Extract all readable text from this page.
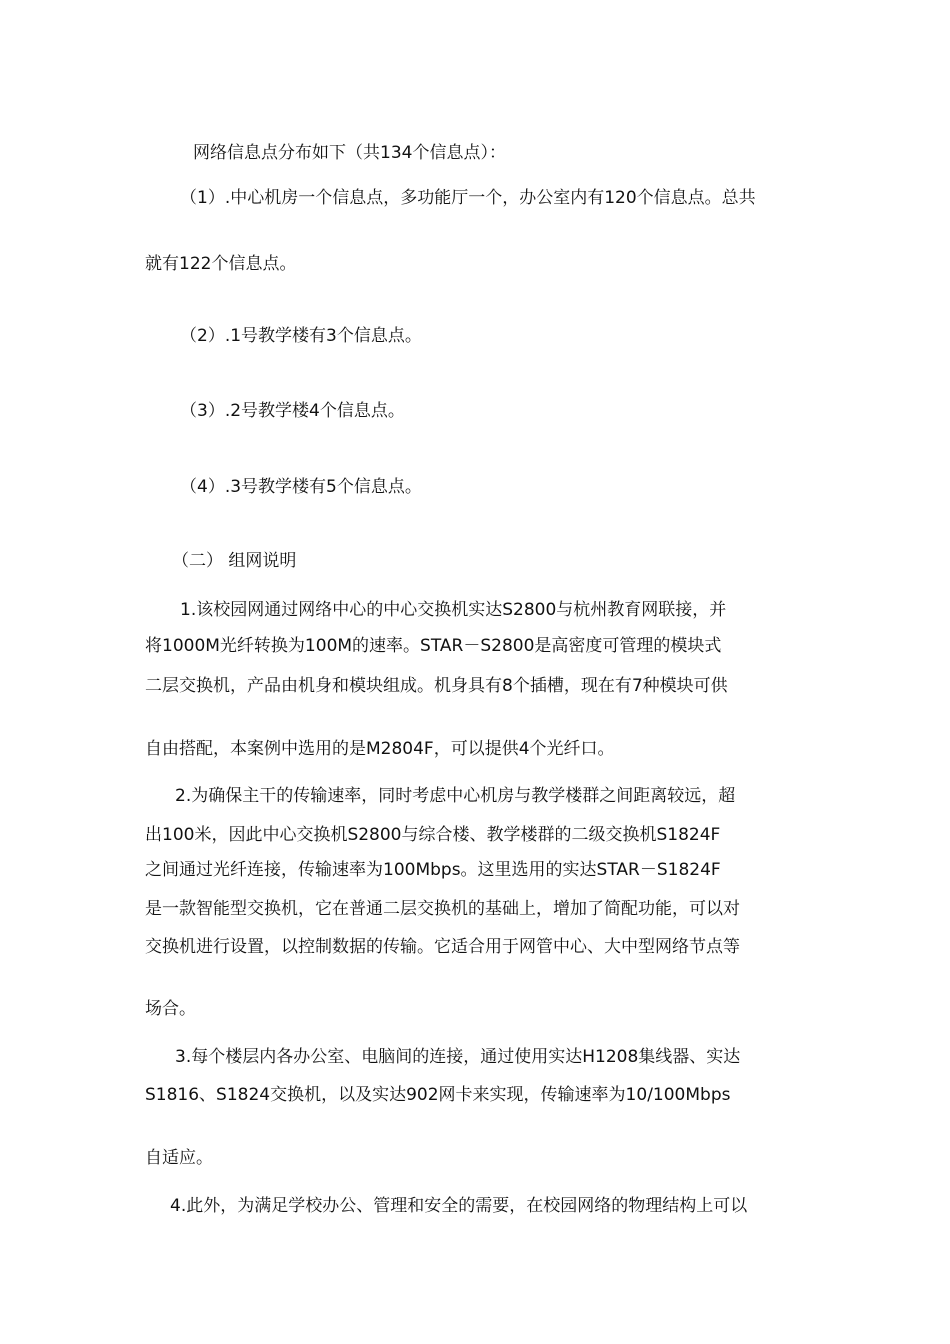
网络信息点分布如下（共134个信息点）：
（1）.中心机房一个信息点，多功能厅一个，办公室内有120个信息点。总共
就有122个信息点。
（2）.1号教学楼有3个信息点。
（3）.2号教学楼4个信息点。
（4）.3号教学楼有5个信息点。
（二） 组网说明
1.该校园网通过网络中心的中心交换机实达S2800与杭州教育网联接，并
将1000M光纤转换为100M的速率。STAR－S2800是高密度可管理的模块式
二层交换机，产品由机身和模块组成。机身具有8个插槽，现在有7种模块可供
自由搭配，本案例中选用的是M2804F，可以提供4个光纤口。
2.为确保主干的传输速率，同时考虑中心机房与教学楼群之间距离较远，超
出100米，因此中心交换机S2800与综合楼、教学楼群的二级交换机S1824F
之间通过光纤连接，传输速率为100Mbps。这里选用的实达STAR－S1824F
是一款智能型交换机，它在普通二层交换机的基础上，增加了简配功能，可以对
交换机进行设置，以控制数据的传输。它适合用于网管中心、大中型网络节点等
场合。
3.每个楼层内各办公室、电脑间的连接，通过使用实达H1208集线器、实达
S1816、S1824交换机，以及实达902网卡来实现，传输速率为10/100Mbps
自适应。
4.此外，为满足学校办公、管理和安全的需要，在校园网络的物理结构上可以
